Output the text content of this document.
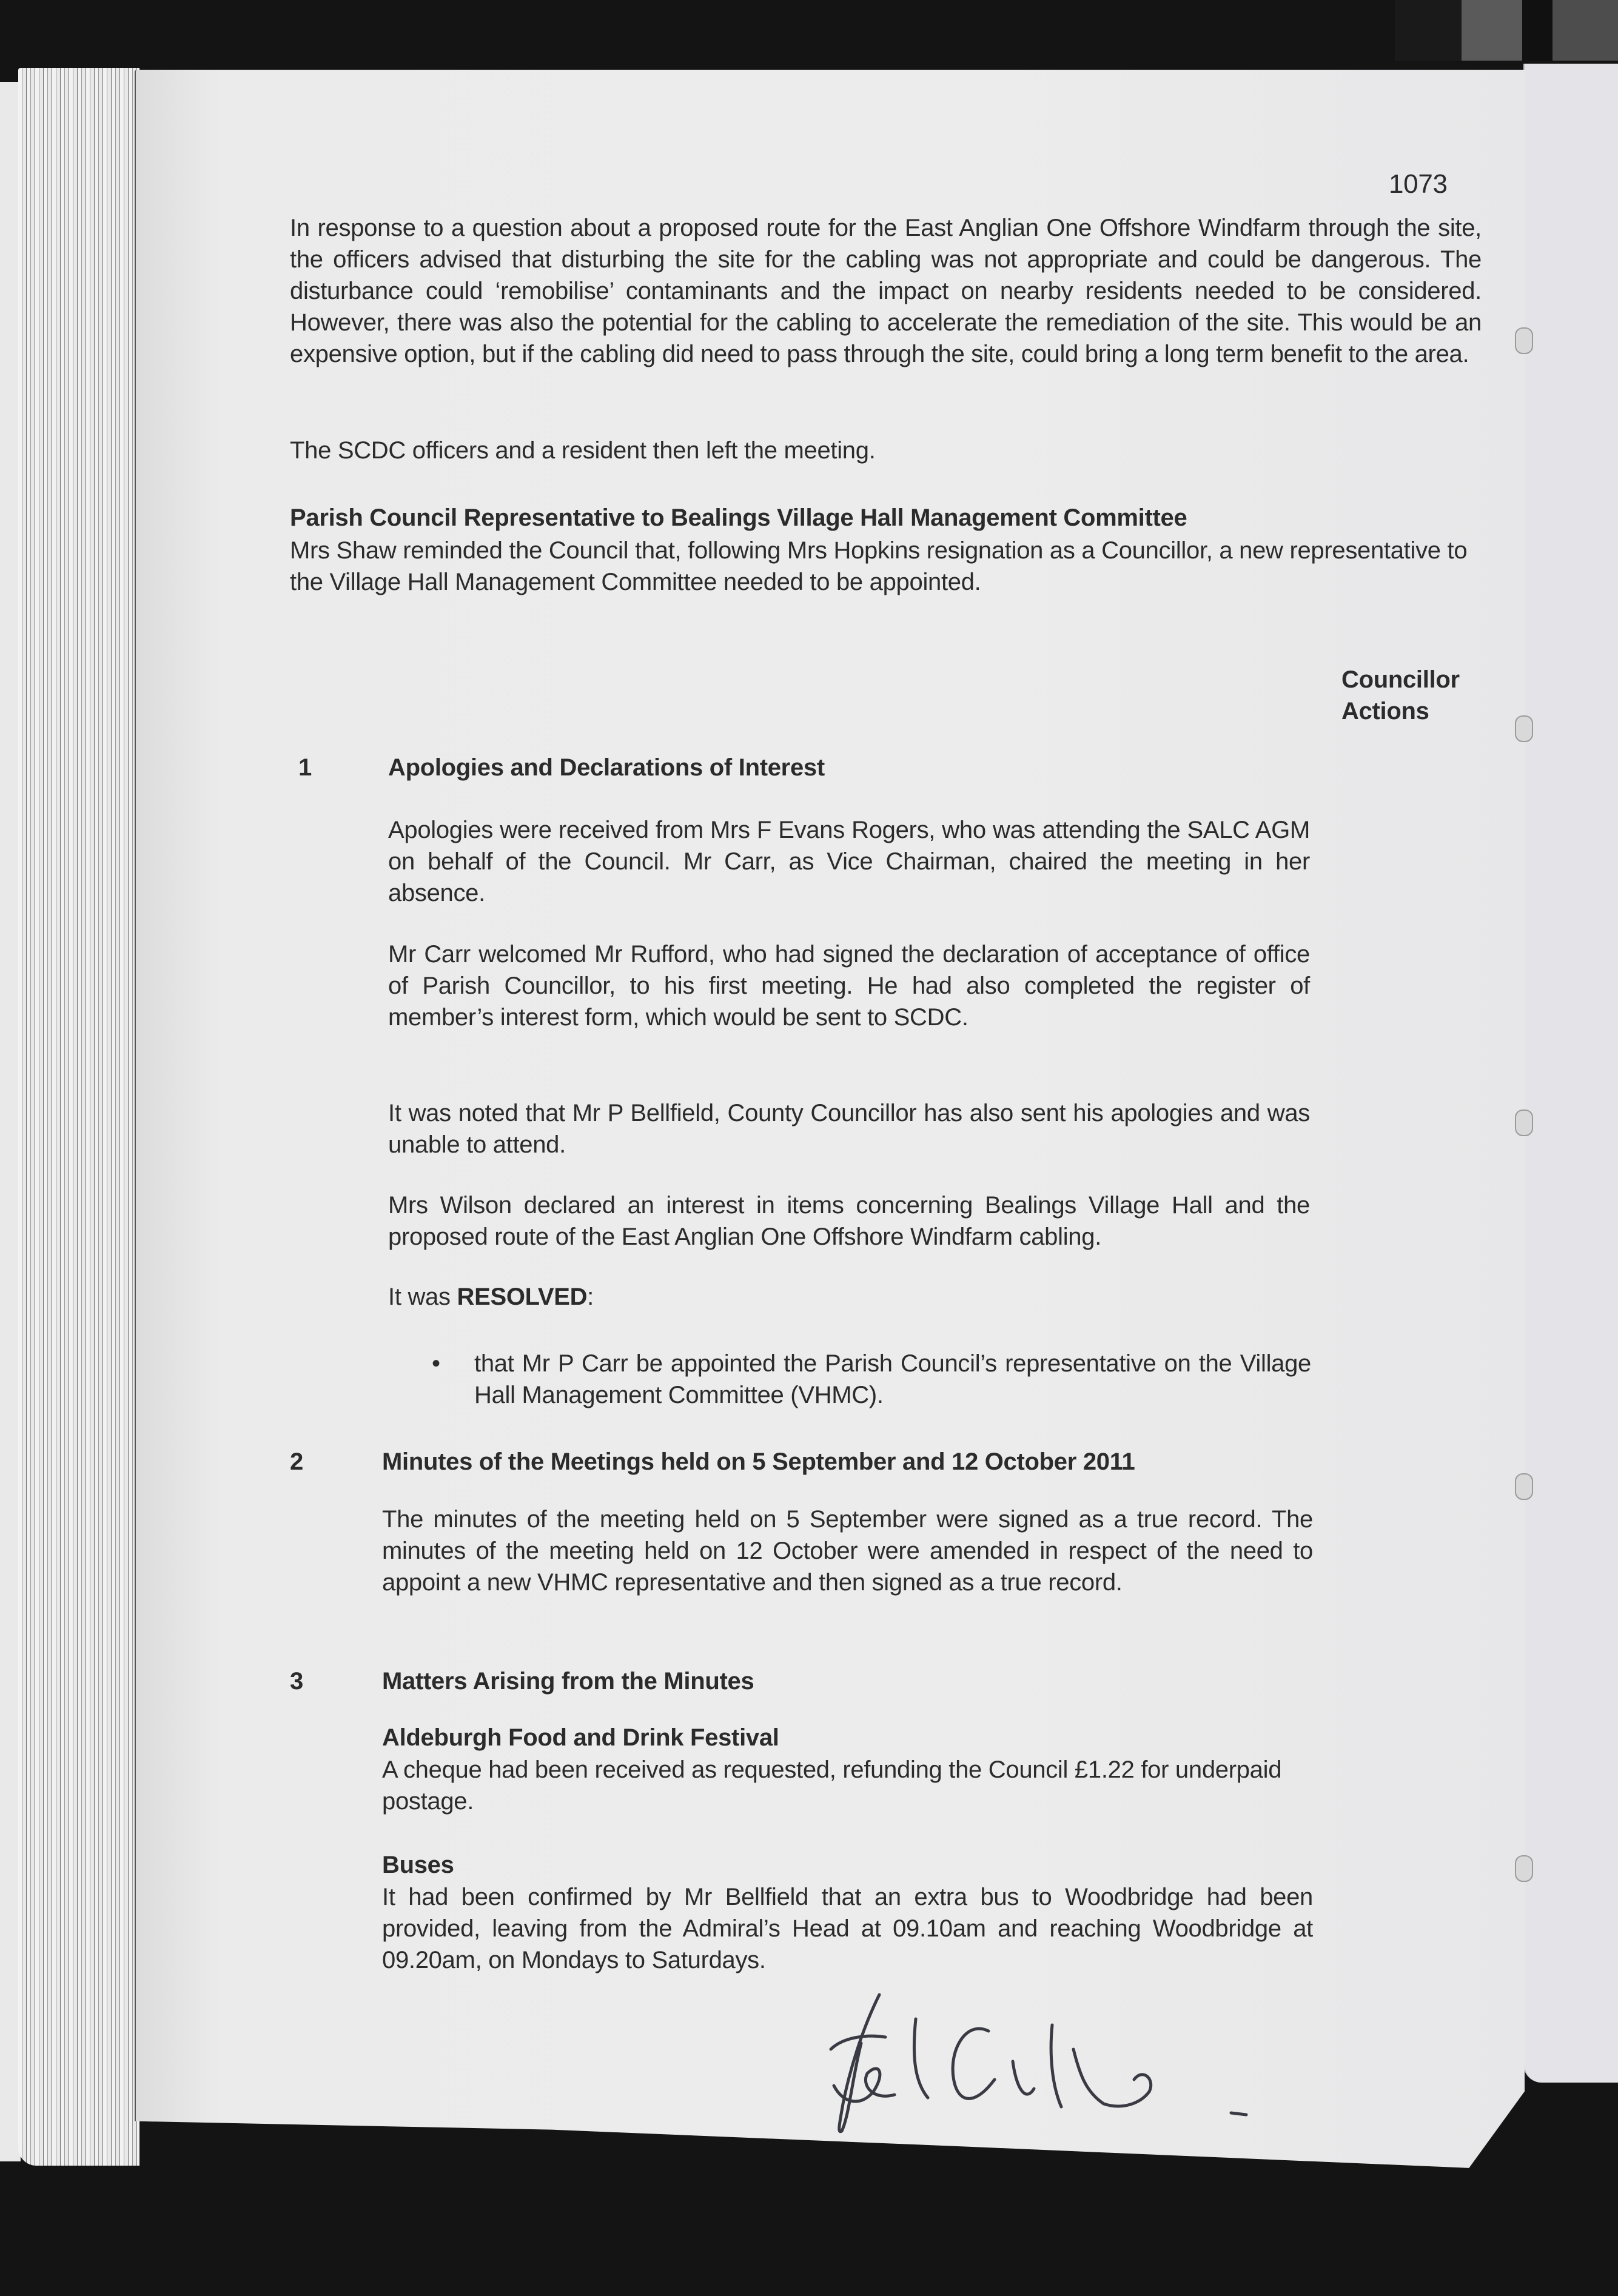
1073

In response to a question about a proposed route for the East Anglian One Offshore Windfarm through the site, the officers advised that disturbing the site for the cabling was not appropriate and could be dangerous. The disturbance could ‘remobilise’ contaminants and the impact on nearby residents needed to be considered. However, there was also the potential for the cabling to accelerate the remediation of the site. This would be an expensive option, but if the cabling did need to pass through the site, could bring a long term benefit to the area.

The SCDC officers and a resident then left the meeting.

Parish Council Representative to Bealings Village Hall Management Committee

Mrs Shaw reminded the Council that, following Mrs Hopkins resignation as a Councillor, a new representative to the Village Hall Management Committee needed to be appointed.

Councillor
Actions

1	Apologies and Declarations of Interest

Apologies were received from Mrs F Evans Rogers, who was attending the SALC AGM on behalf of the Council. Mr Carr, as Vice Chairman, chaired the meeting in her absence.

Mr Carr welcomed Mr Rufford, who had signed the declaration of acceptance of office of Parish Councillor, to his first meeting. He had also completed the register of member’s interest form, which would be sent to SCDC.

It was noted that Mr P Bellfield, County Councillor has also sent his apologies and was unable to attend.

Mrs Wilson declared an interest in items concerning Bealings Village Hall and the proposed route of the East Anglian One Offshore Windfarm cabling.

It was RESOLVED:

• that Mr P Carr be appointed the Parish Council’s representative on the Village Hall Management Committee (VHMC).

2	Minutes of the Meetings held on 5 September and 12 October 2011

The minutes of the meeting held on 5 September were signed as a true record. The minutes of the meeting held on 12 October were amended in respect of the need to appoint a new VHMC representative and then signed as a true record.

3	Matters Arising from the Minutes

Aldeburgh Food and Drink Festival

A cheque had been received as requested, refunding the Council £1.22 for underpaid postage.

Buses

It had been confirmed by Mr Bellfield that an extra bus to Woodbridge had been provided, leaving from the Admiral’s Head at 09.10am and reaching Woodbridge at 09.20am, on Mondays to Saturdays.
